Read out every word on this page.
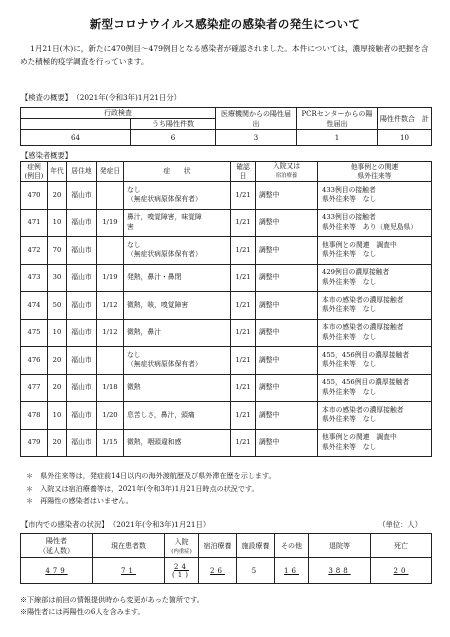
新型コロナウイルス感染症の感染者の発生について
1月21日(木)に，新たに470例目～479例目となる感染者が確認されました。本件については，濃厚接触者の把握を含めた積極的疫学調査を行っています。
【検査の概要】 （2021年(令和3年)1月21日分）
行政検査		医療機関からの陽性届出	PCRセンターからの陽性届出	陽性件数合　計
	うち陽性件数			
64	6	3	1	10
【感染者概要】
症例
(例目)	年代	居住地	発症日	症　　状	確認日	入院又は
宿泊療養	他事例との関連
県外往来等
470	20	福山市		なし
（無症状病原体保有者）	1/21	調整中	433例目の接触者
県外往来等　なし
471	10	福山市	1/19	鼻汁，嗅覚障害，味覚障
害	1/21	調整中	433例目の接触者
県外往来等　あり（鹿児島県）
472	70	福山市		なし
（無症状病原体保有者）	1/21	調整中	他事例との関連　調査中
県外往来等　なし
473	30	福山市	1/19	発熱，鼻汁・鼻閉	1/21	調整中	429例目の濃厚接触者
県外往来等　なし
474	50	福山市	1/12	微熱，咳，嗅覚障害	1/21	調整中	本市の感染者の濃厚接触者
県外往来等　なし
475	10	福山市	1/12	微熱，鼻汁	1/21	調整中	本市の感染者の濃厚接触者
県外往来等　なし
476	20	福山市		なし
（無症状病原体保有者）	1/21	調整中	455，456例目の濃厚接触者
県外往来等　なし
477	20	福山市	1/18	微熱	1/21	調整中	455，456例目の濃厚接触者
県外往来等　なし
478	10	福山市	1/20	息苦しさ，鼻汁，頭痛	1/21	調整中	本市の感染者の濃厚接触者
県外往来等　なし
479	20	福山市	1/15	微熱，咽頭違和感	1/21	調整中	他事例との関連　調査中
県外往来等　なし
＊　県外往来等は，発症前14日以内の海外渡航歴及び県外滞在歴を示します。
＊　入院又は宿泊療養等は，2021年(令和3年)1月21日時点の状況です。
＊　再陽性の感染者はいません。
【市内での感染者の状況】 （2021年(令和3年)1月21日）	（単位：人）
陽性者
（延人数）	現在患者数	入院
(内重症)	宿泊療養	施設療養	その他	退院等	死亡
479	71	24
(1)	26	5	16	388	20
※下線部は前回の情報提供時から変更があった箇所です。
※陽性者には再陽性の6人を含みます。
